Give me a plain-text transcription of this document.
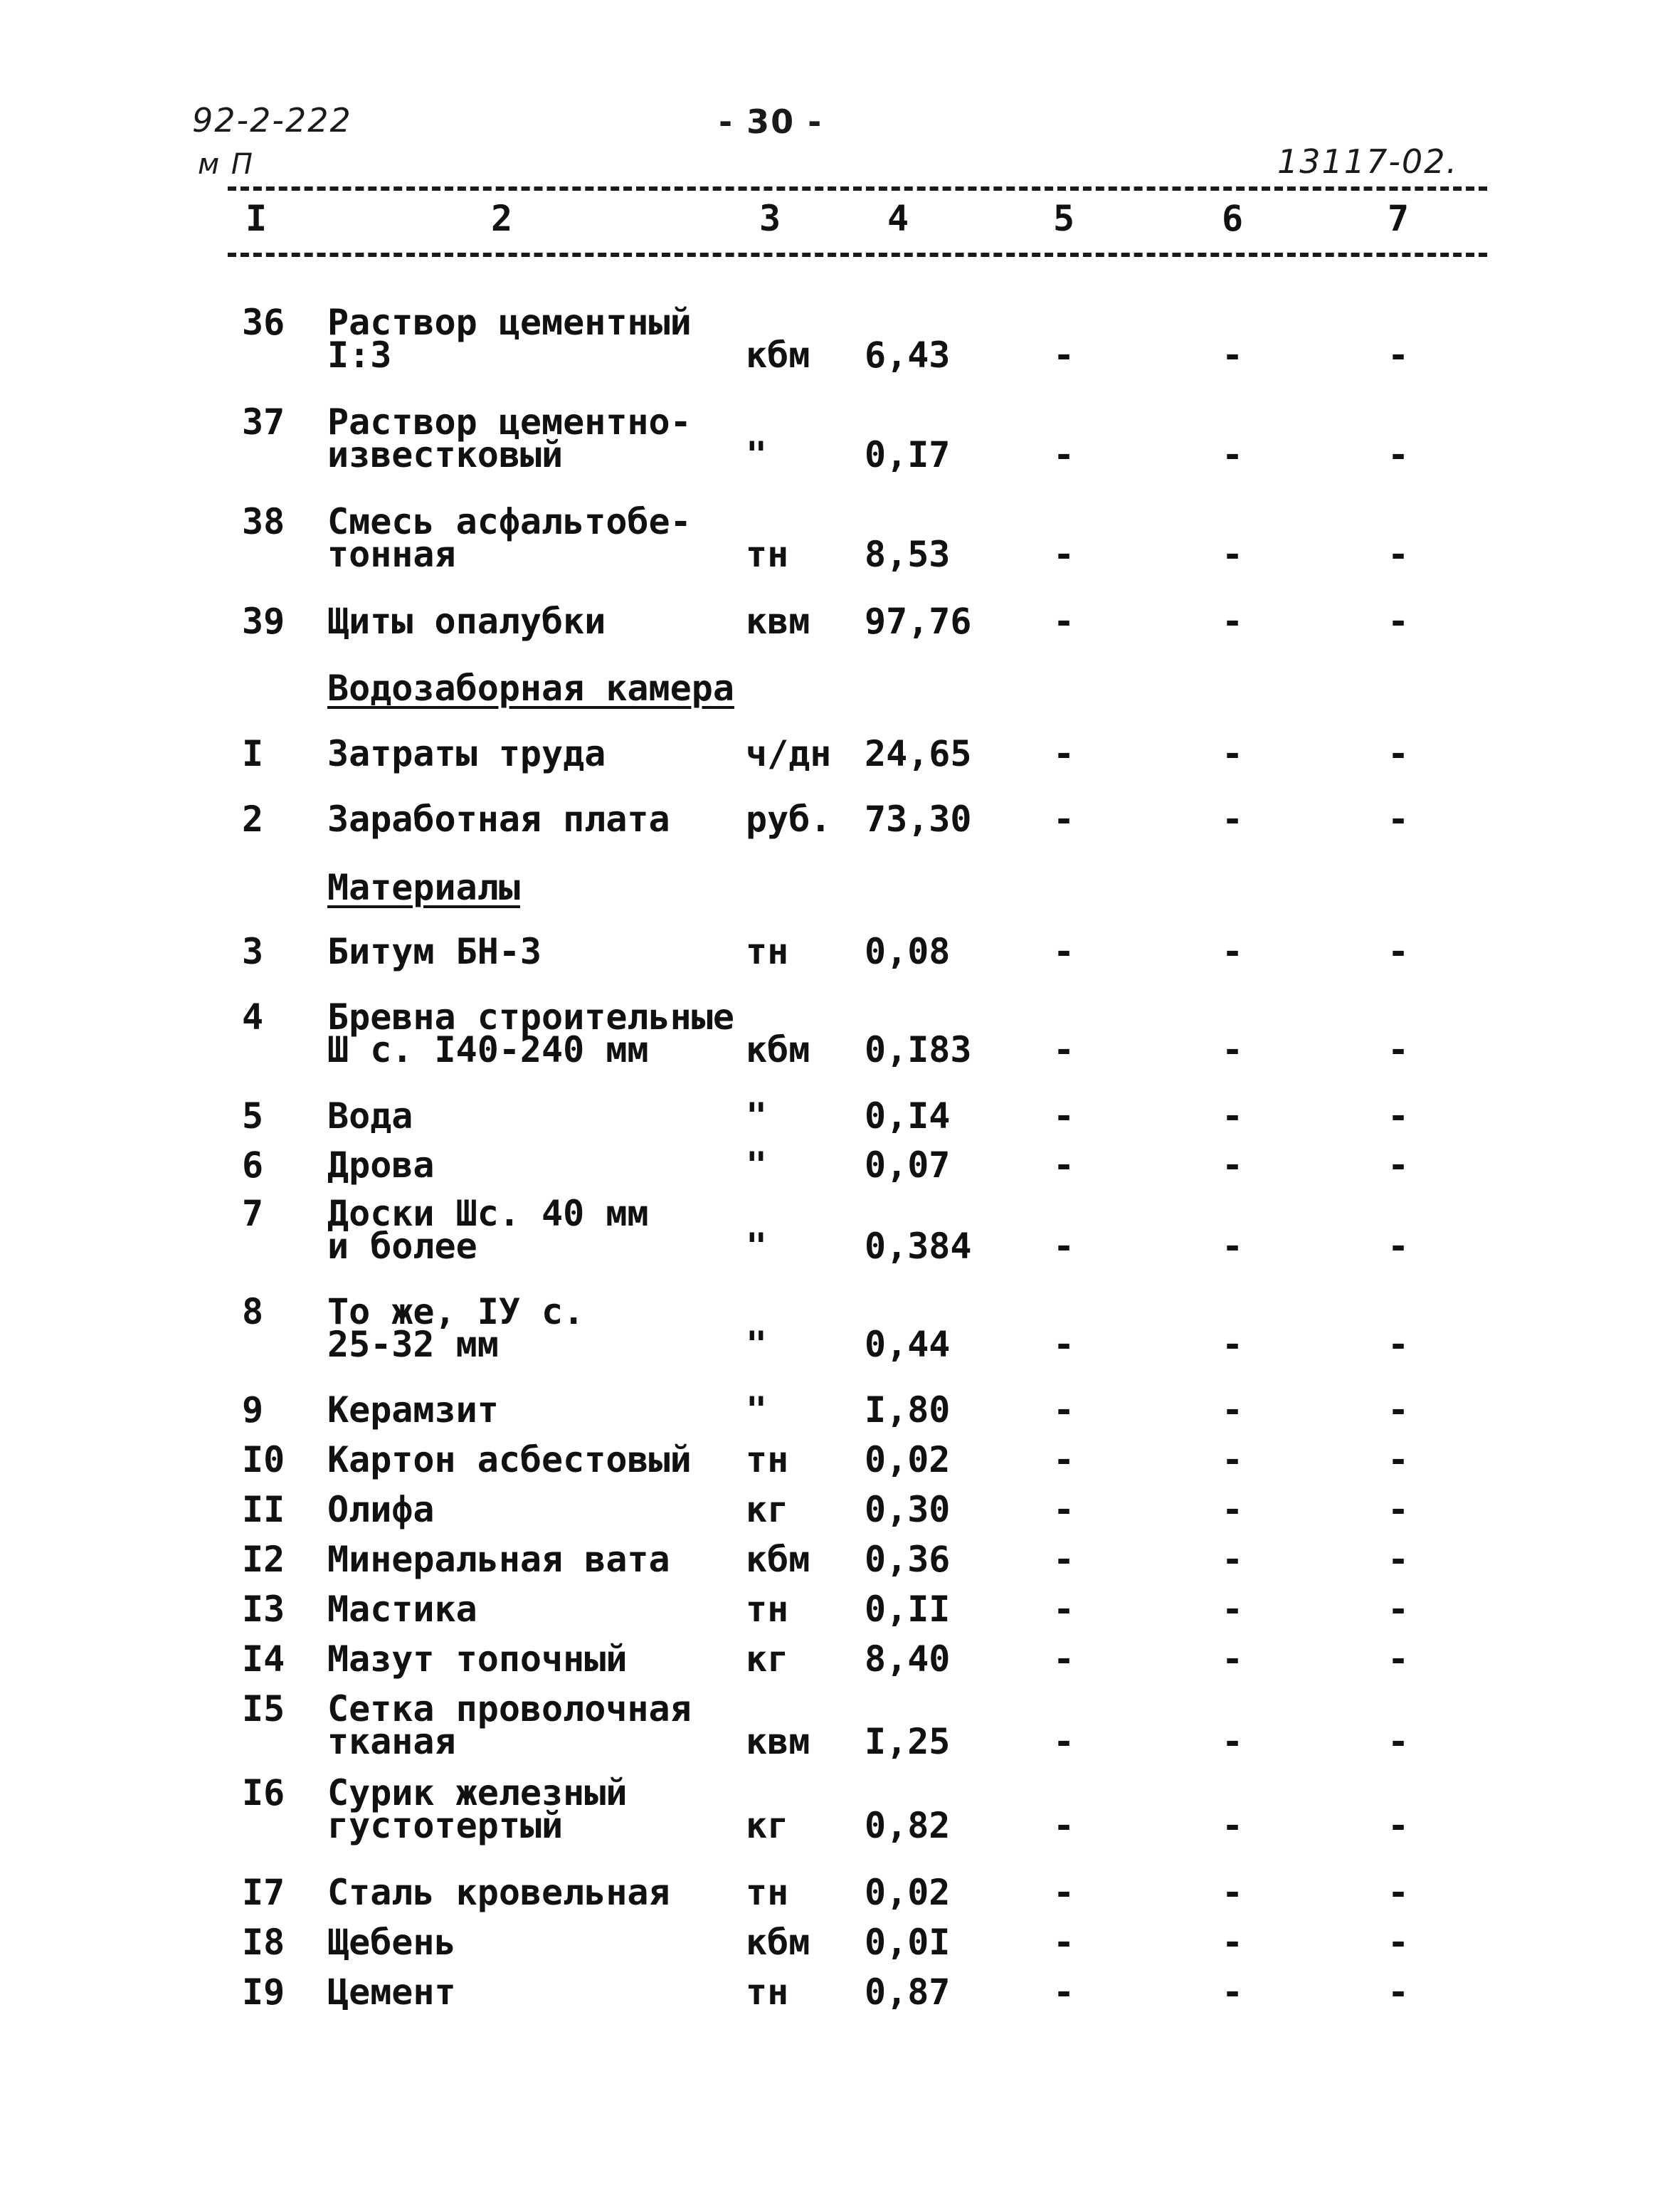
92-2-222	- 30 -
м П	13117-02.
I	2	3	4	5	6	7
36 Раствор цементный
I:3	кбм 6,43	-	-	-
37 Раствор цементно-
известковый	"	0,I7	-	-	-
38 Смесь асфальтобе-
тонная	тн 8,53	-	-	-
39 Щиты опалубки	квм 97,76 -	-	-
Водозаборная камера
I Затраты труда	ч/дн 24,65 -	-	-
2 Заработная плата руб. 73,30 -	-	-
Материалы
3 Битум БН-3	тн 0,08	-	-	-
4 Бревна строительные
Ш с. I40-240 мм	кбм 0,I83 -	-	-
5 Вода	"	0,I4	-	-	-
6 Дрова	"	0,07	-	-	-
7 Доски Шс. 40 мм
и более	"	0,384 -	-	-
8 То же, IУ с.
25-32 мм	"	0,44	-	-	-
9 Керамзит	"	I,80	-	-	-
I0 Картон асбестовый тн 0,02	-	-	-
II Олифа	кг 0,30	-	-	-
I2 Минеральная вата кбм 0,36	-	-	-
I3 Мастика	тн 0,II	-	-	-
I4 Мазут топочный	кг 8,40	-	-	-
I5 Сетка проволочная
тканая	квм I,25	-	-	-
I6 Сурик железный
густотертый	кг 0,82	-	-	-
I7 Сталь кровельная тн 0,02	-	-	-
I8 Щебень	кбм 0,0I	-	-	-
I9 Цемент	тн 0,87	-	-	-
